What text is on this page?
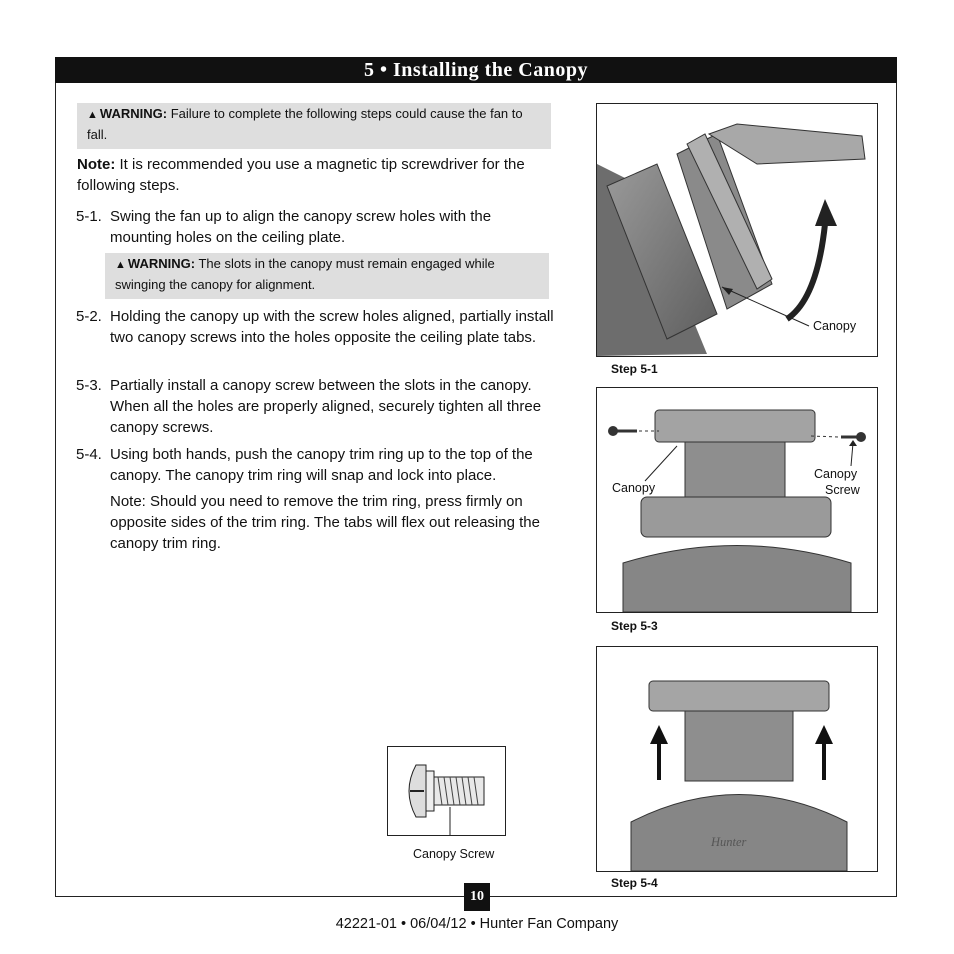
5 • Installing the Canopy
▲ WARNING: Failure to complete the following steps could cause the fan to fall.
Note: It is recommended you use a magnetic tip screwdriver for the following steps.
5-1. Swing the fan up to align the canopy screw holes with the mounting holes on the ceiling plate.
▲ WARNING: The slots in the canopy must remain engaged while swinging the canopy for alignment.
5-2. Holding the canopy up with the screw holes aligned, partially install two canopy screws into the holes opposite the ceiling plate tabs.
5-3. Partially install a canopy screw between the slots in the canopy. When all the holes are properly aligned, securely tighten all three canopy screws.
5-4. Using both hands, push the canopy trim ring up to the top of the canopy. The canopy trim ring will snap and lock into place.
Note: Should you need to remove the trim ring, press firmly on opposite sides of the trim ring. The tabs will flex out releasing the canopy trim ring.
Canopy
Step 5-1
Canopy
Canopy
Screw
Step 5-3
Hunter
Step 5-4
Canopy Screw
10
42221-01 • 06/04/12 • Hunter Fan Company
